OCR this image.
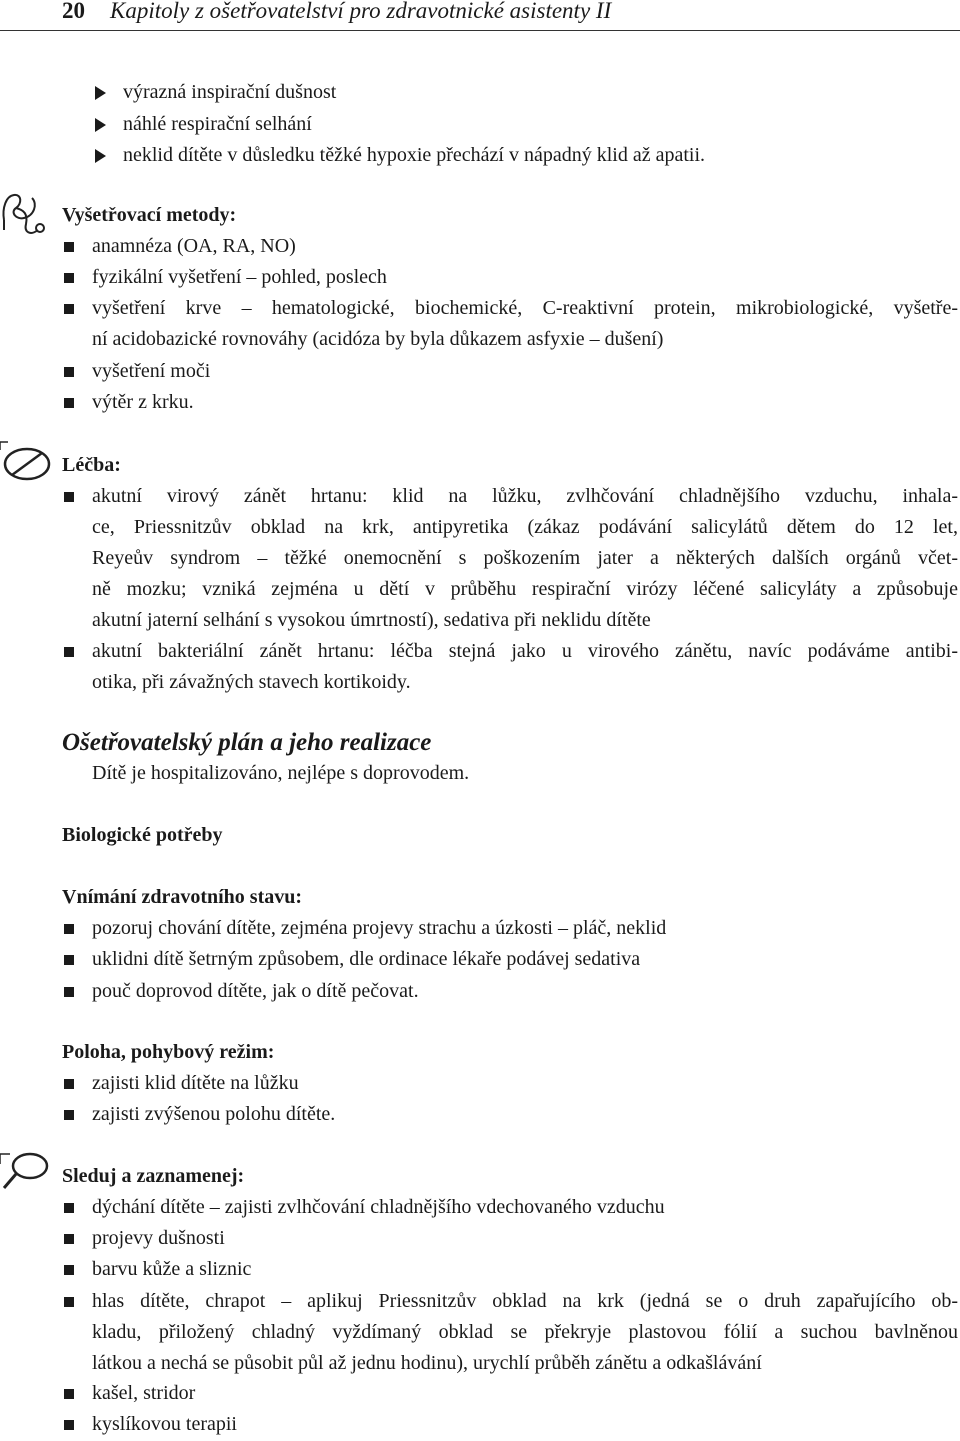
20 Kapitoly z ošetřovatelství pro zdravotnické asistenty II
výrazná inspirační dušnost
náhlé respirační selhání
neklid dítěte v důsledku těžké hypoxie přechází v nápadný klid až apatii.
Vyšetřovací metody:
anamnéza (OA, RA, NO)
fyzikální vyšetření – pohled, poslech
vyšetření krve – hematologické, biochemické, C-reaktivní protein, mikrobiologické, vyšetře-
ní acidobazické rovnováhy (acidóza by byla důkazem asfyxie – dušení)
vyšetření moči
výtěr z krku.
Léčba:
akutní virový zánět hrtanu: klid na lůžku, zvlhčování chladnějšího vzduchu, inhala-
ce, Priessnitzův obklad na krk, antipyretika (zákaz podávání salicylátů dětem do 12 let,
Reyeův syndrom – těžké onemocnění s poškozením jater a některých dalších orgánů včet-
ně mozku; vzniká zejména u dětí v průběhu respirační virózy léčené salicyláty a způsobuje
akutní jaterní selhání s vysokou úmrtností), sedativa při neklidu dítěte
akutní bakteriální zánět hrtanu: léčba stejná jako u virového zánětu, navíc podáváme antibi-
otika, při závažných stavech kortikoidy.
Ošetřovatelský plán a jeho realizace
Dítě je hospitalizováno, nejlépe s doprovodem.
Biologické potřeby
Vnímání zdravotního stavu:
pozoruj chování dítěte, zejména projevy strachu a úzkosti – pláč, neklid
uklidni dítě šetrným způsobem, dle ordinace lékaře podávej sedativa
pouč doprovod dítěte, jak o dítě pečovat.
Poloha, pohybový režim:
zajisti klid dítěte na lůžku
zajisti zvýšenou polohu dítěte.
Sleduj a zaznamenej:
dýchání dítěte – zajisti zvlhčování chladnějšího vdechovaného vzduchu
projevy dušnosti
barvu kůže a sliznic
hlas dítěte, chrapot – aplikuj Priessnitzův obklad na krk (jedná se o druh zapařujícího ob-
kladu, přiložený chladný vyždímaný obklad se překryje plastovou fólií a suchou bavlněnou
látkou a nechá se působit půl až jednu hodinu), urychlí průběh zánětu a odkašlávání
kašel, stridor
kyslíkovou terapii
